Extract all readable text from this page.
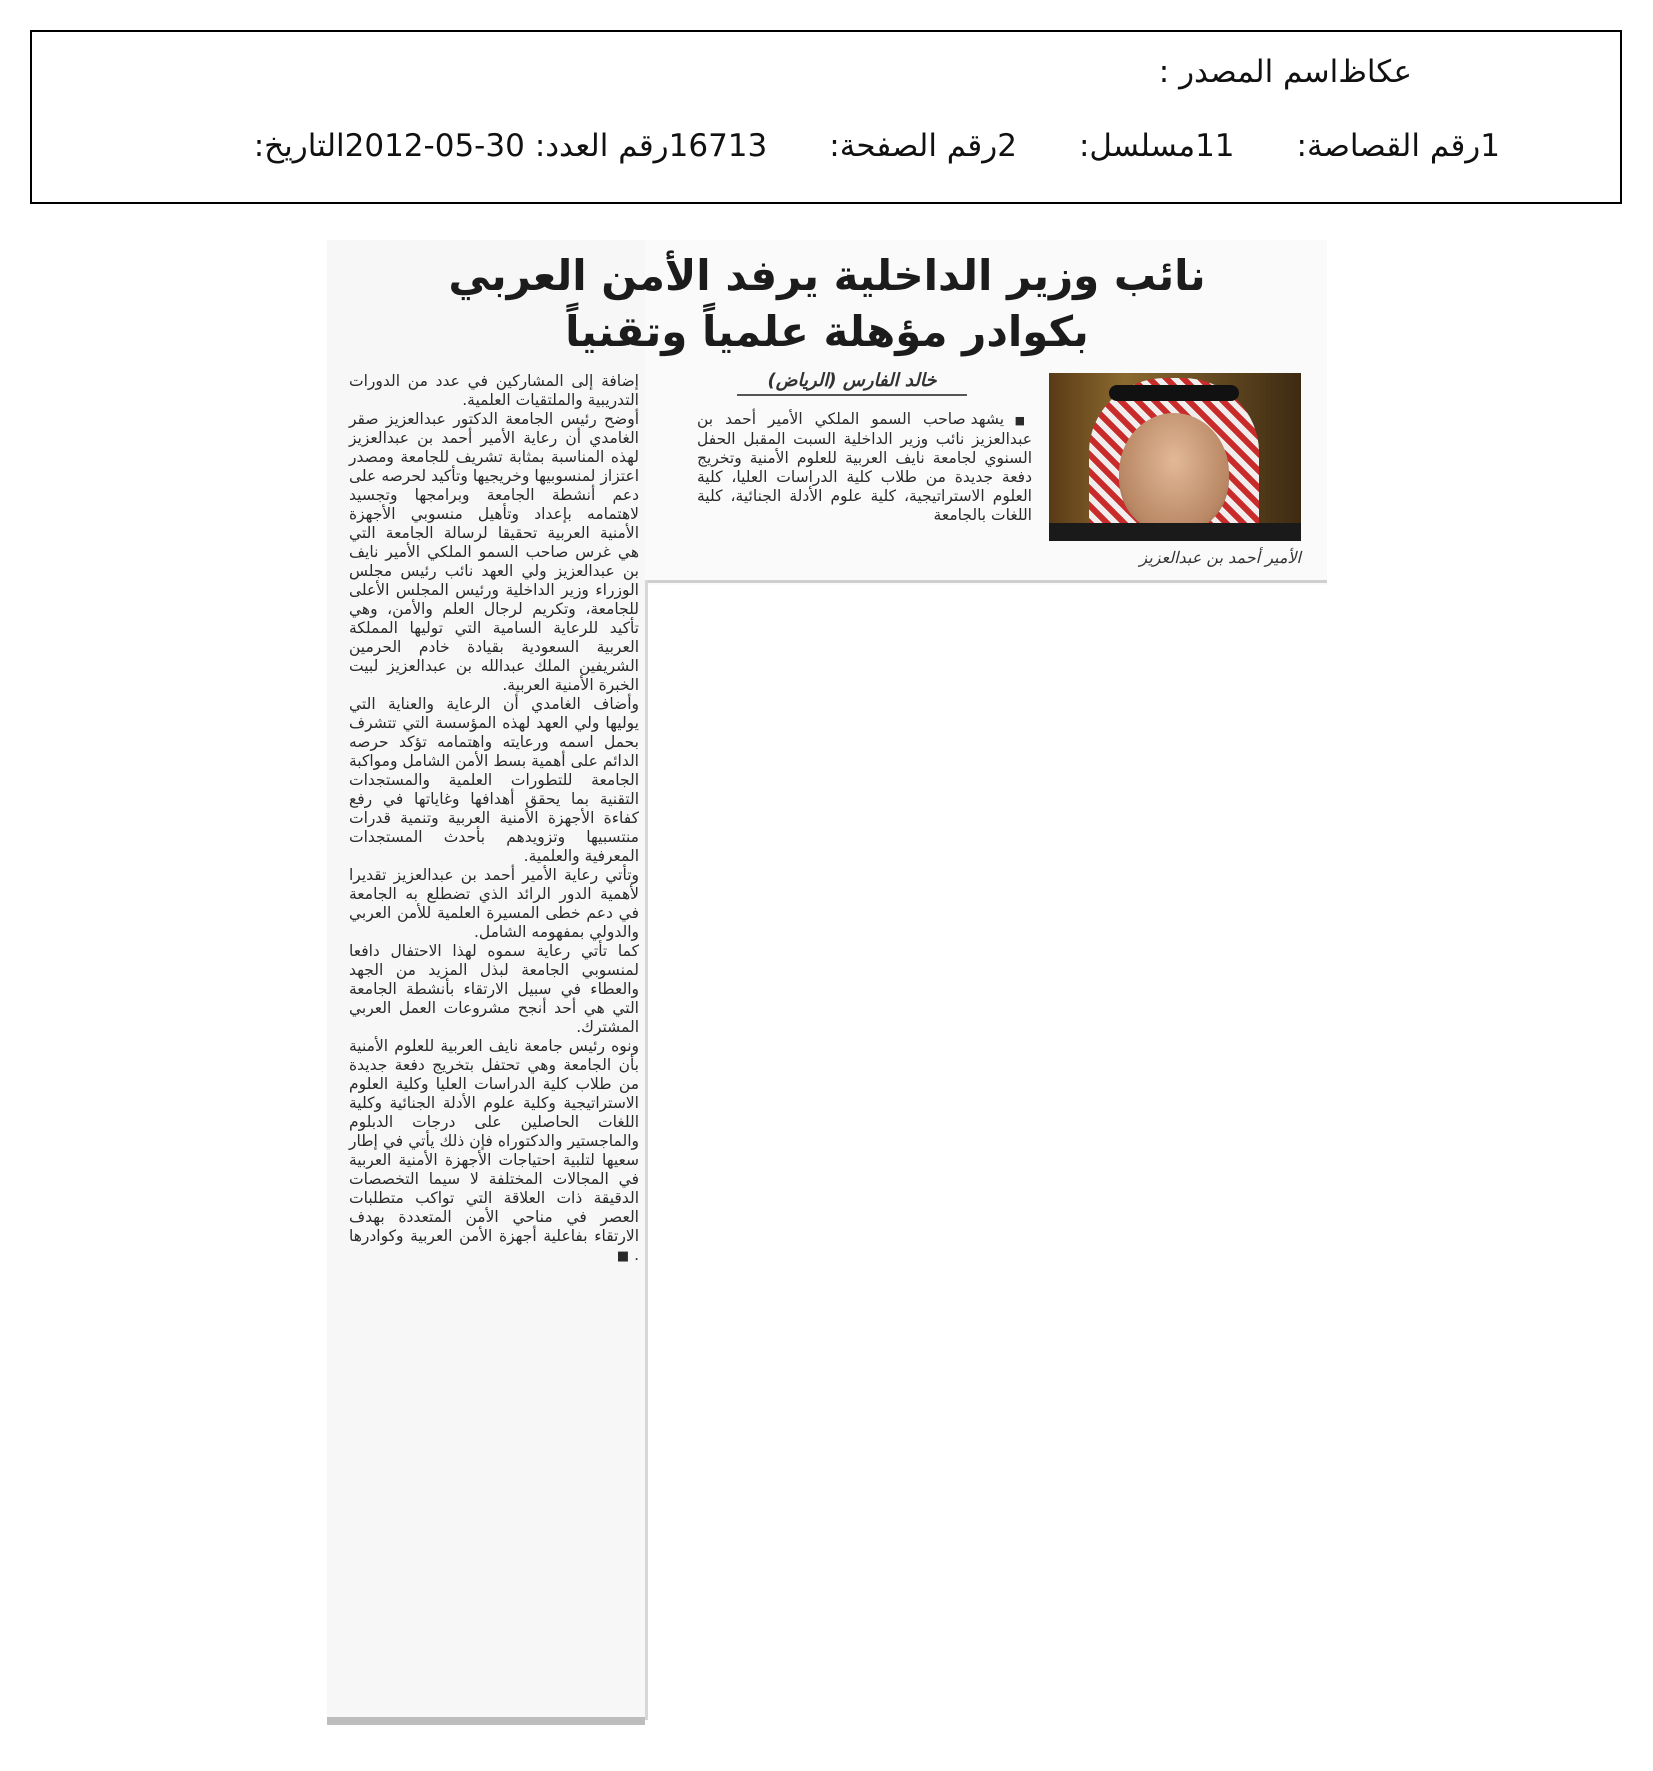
اسم المصدر : عكاظ
التاريخ: 2012-05-30 رقم العدد: 16713 رقم الصفحة: 2 مسلسل: 11 رقم القصاصة: 1
نائب وزير الداخلية يرفد الأمن العربي
بكوادر مؤهلة علمياً وتقنياً
الأمير أحمد بن عبدالعزيز
خالد الفارس (الرياض)
■ يشهد صاحب السمو الملكي الأمير أحمد بن عبدالعزيز نائب وزير الداخلية السبت المقبل الحفل السنوي لجامعة نايف العربية للعلوم الأمنية وتخريج دفعة جديدة من طلاب كلية الدراسات العليا، كلية العلوم الاستراتيجية، كلية علوم الأدلة الجنائية، كلية اللغات بالجامعة

إضافة إلى المشاركين في عدد من الدورات التدريبية والملتقيات العلمية.

أوضح رئيس الجامعة الدكتور عبدالعزيز صقر الغامدي أن رعاية الأمير أحمد بن عبدالعزيز لهذه المناسبة بمثابة تشريف للجامعة ومصدر اعتزاز لمنسوبيها وخريجيها وتأكيد لحرصه على دعم أنشطة الجامعة وبرامجها وتجسيد لاهتمامه بإعداد وتأهيل منسوبي الأجهزة الأمنية العربية تحقيقا لرسالة الجامعة التي هي غرس صاحب السمو الملكي الأمير نايف بن عبدالعزيز ولي العهد نائب رئيس مجلس الوزراء وزير الداخلية ورئيس المجلس الأعلى للجامعة، وتكريم لرجال العلم والأمن، وهي تأكيد للرعاية السامية التي توليها المملكة العربية السعودية بقيادة خادم الحرمين الشريفين الملك عبدالله بن عبدالعزيز لبيت الخبرة الأمنية العربية.

وأضاف الغامدي أن الرعاية والعناية التي يوليها ولي العهد لهذه المؤسسة التي تتشرف بحمل اسمه ورعايته واهتمامه تؤكد حرصه الدائم على أهمية بسط الأمن الشامل ومواكبة الجامعة للتطورات العلمية والمستجدات التقنية بما يحقق أهدافها وغاياتها في رفع كفاءة الأجهزة الأمنية العربية وتنمية قدرات منتسبيها وتزويدهم بأحدث المستجدات المعرفية والعلمية.

وتأتي رعاية الأمير أحمد بن عبدالعزيز تقديرا لأهمية الدور الرائد الذي تضطلع به الجامعة في دعم خطى المسيرة العلمية للأمن العربي والدولي بمفهومه الشامل.

كما تأتي رعاية سموه لهذا الاحتفال دافعا لمنسوبي الجامعة لبذل المزيد من الجهد والعطاء في سبيل الارتقاء بأنشطة الجامعة التي هي أحد أنجح مشروعات العمل العربي المشترك.

ونوه رئيس جامعة نايف العربية للعلوم الأمنية بأن الجامعة وهي تحتفل بتخريج دفعة جديدة من طلاب كلية الدراسات العليا وكلية العلوم الاستراتيجية وكلية علوم الأدلة الجنائية وكلية اللغات الحاصلين على درجات الدبلوم والماجستير والدكتوراه فإن ذلك يأتي في إطار سعيها لتلبية احتياجات الأجهزة الأمنية العربية في المجالات المختلفة لا سيما التخصصات الدقيقة ذات العلاقة التي تواكب متطلبات العصر في مناحي الأمن المتعددة بهدف الارتقاء بفاعلية أجهزة الأمن العربية وكوادرها . ■
